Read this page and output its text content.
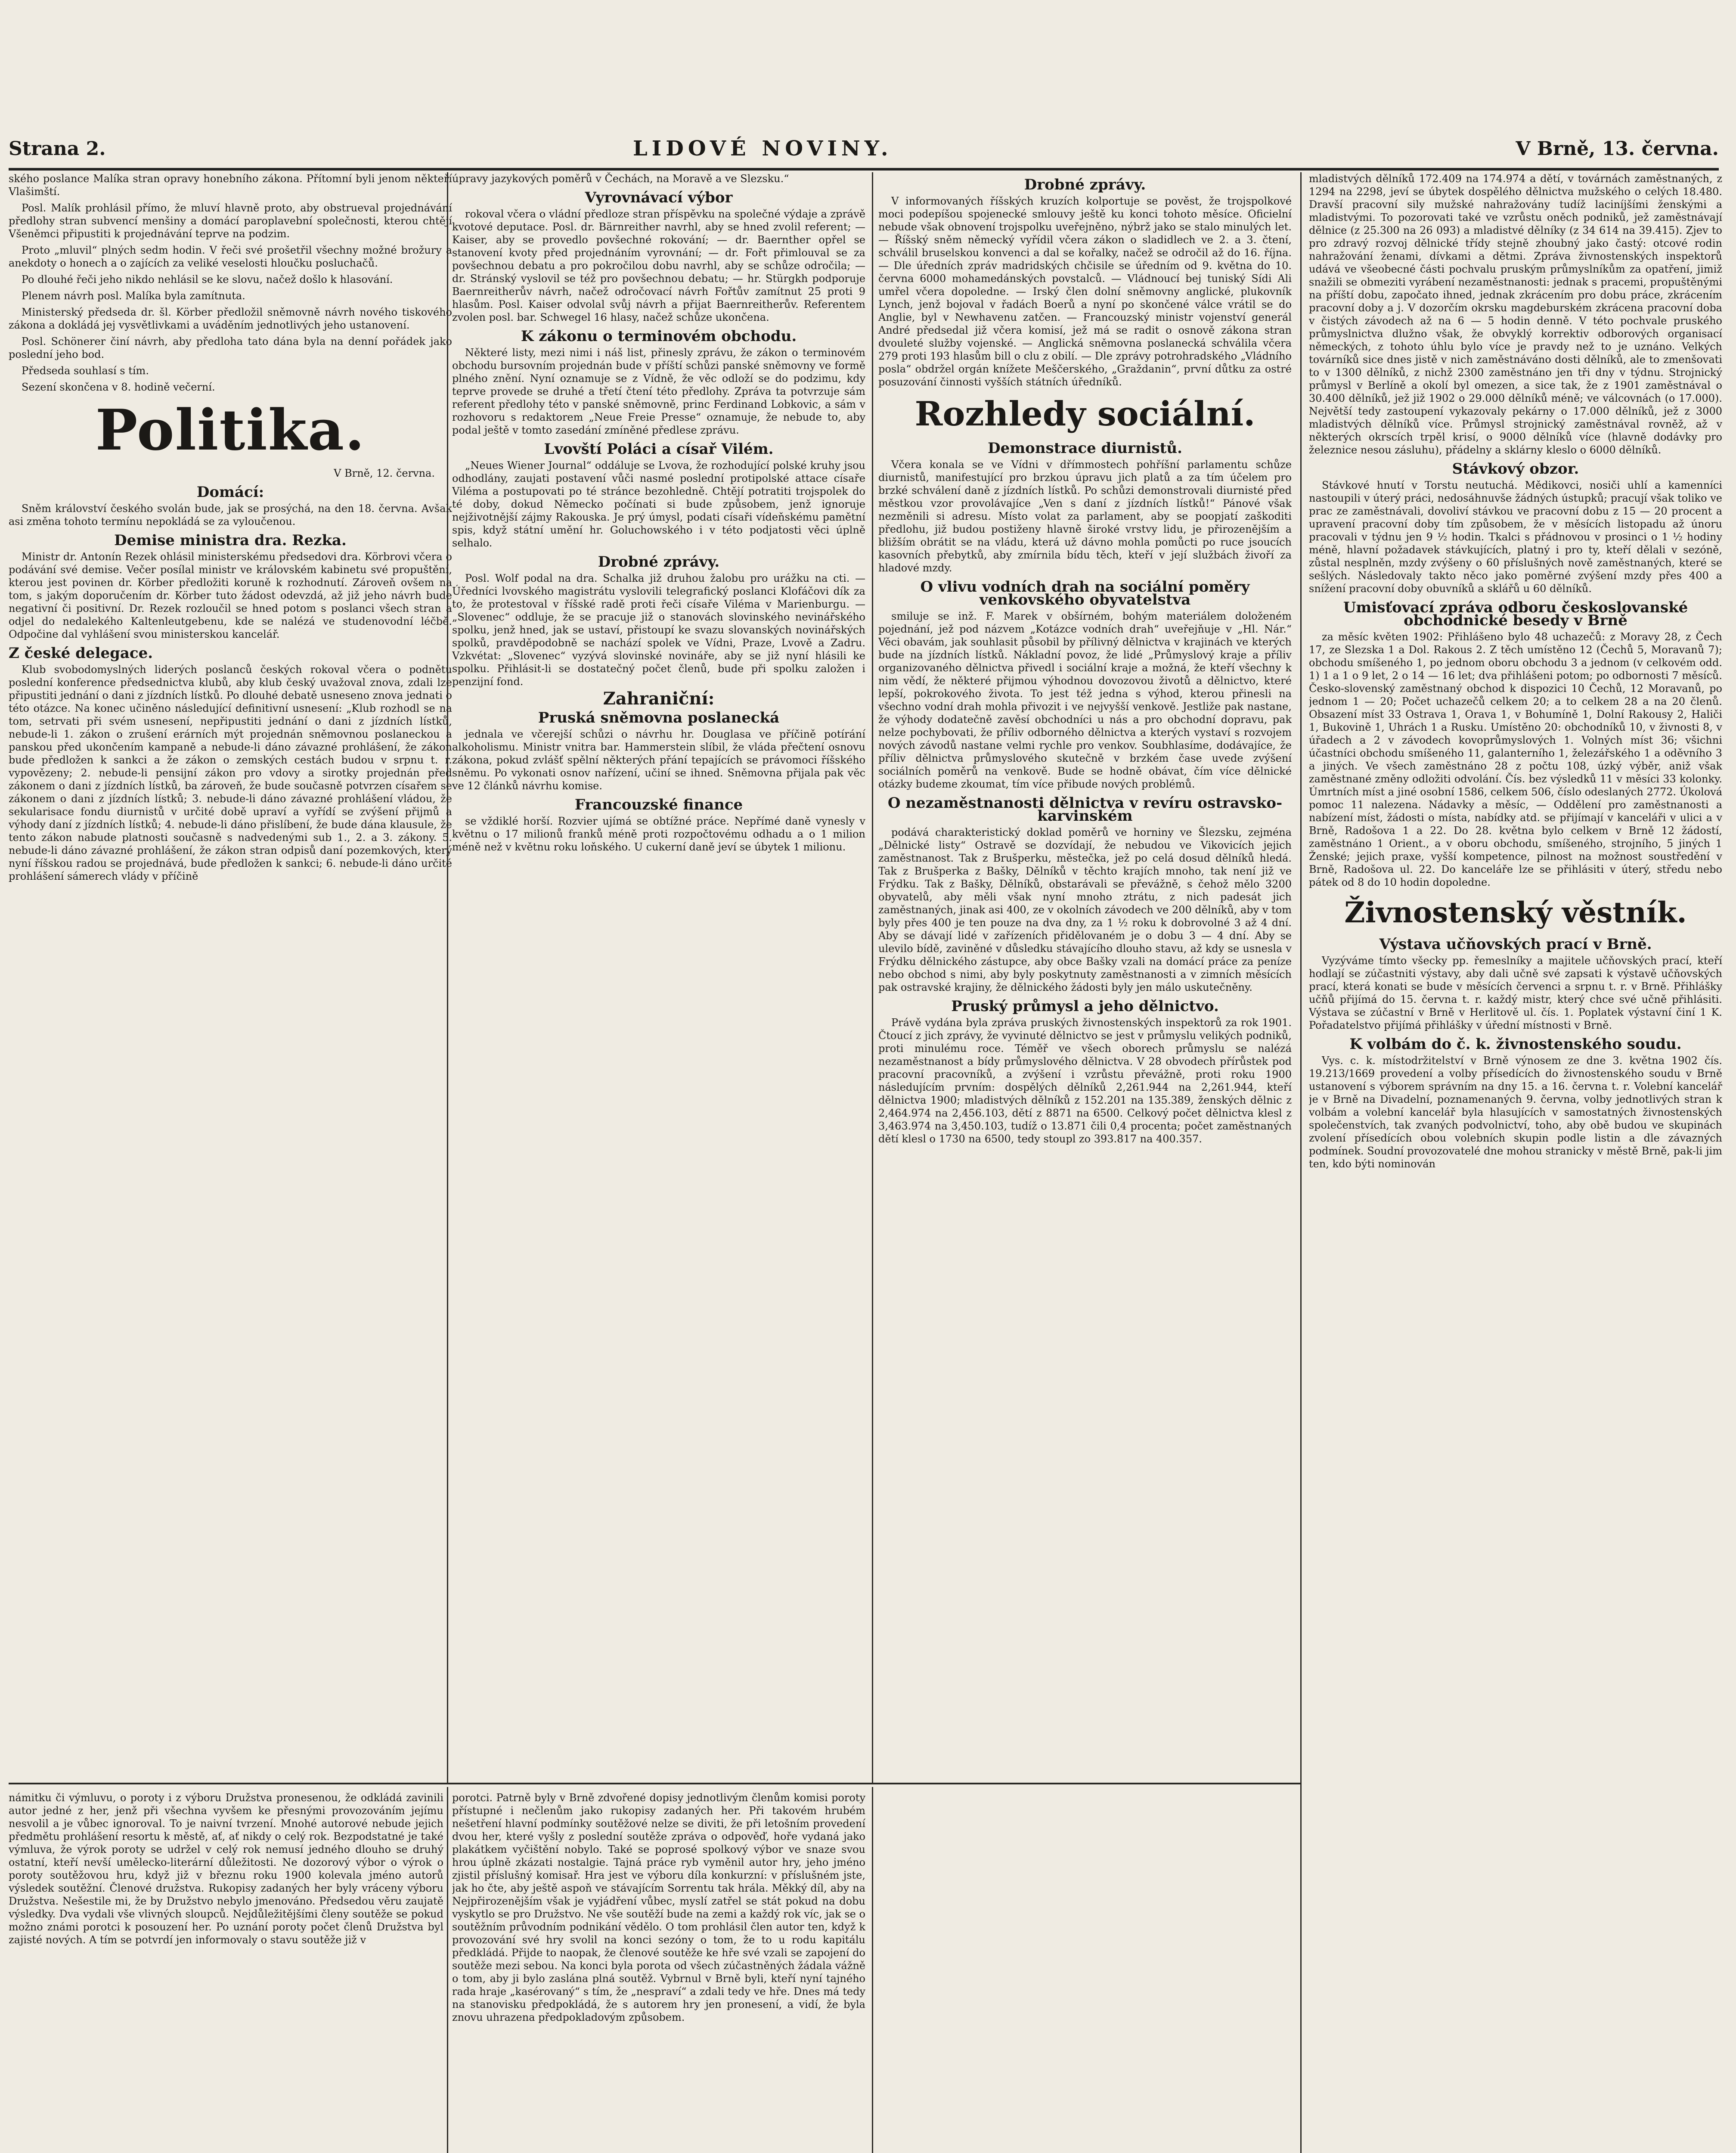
Strana 2.	LIDOVÉ NOVINY.	V Brně, 13. června.

ského poslance Malíka stran opravy honebního zákona. Přítomní byli jenom někteří Vlašimští.

Posl. Malík prohlásil přímo, že mluví hlavně proto, aby obstrueval projednávání předlohy stran subvencí menšiny a domácí paroplavební společnosti, kterou chtějí Všeněmci připustiti k projednávání teprve na podzim.

Proto „mluvil“ plných sedm hodin. V řeči své prošetřil všechny možné brožury a anekdoty o honech a o zajících za veliké veselosti hloučku posluchačů.

Po dlouhé řeči jeho nikdo nehlásil se ke slovu, načež došlo k hlasování.

Plenem návrh posl. Malíka byla zamítnuta.

Ministerský předseda dr. šl. Körber předložil sněmovně návrh nového tiskového zákona a dokládá jej vysvětlivkami a uváděním jednotlivých jeho ustanovení.

Posl. Schönerer činí návrh, aby předloha tato dána byla na denní pořádek jako poslední jeho bod.

Předseda souhlasí s tím.

Sezení skončena v 8. hodině večerní.

Politika.
V Brně, 12. června.
Domácí:

Sněm království českého svolán bude, jak se prosýchá, na den 18. června. Avšak asi změna tohoto termínu nepokládá se za vyloučenou.

Demise ministra dra. Rezka.

Ministr dr. Antonín Rezek ohlásil ministerskému předsedovi dra. Körbrovi včera o podávání své demise. Večer posílal ministr ve královském kabinetu své propuštění, kterou jest povinen dr. Körber předložiti koruně k rozhodnutí. Zároveň ovšem na tom, s jakým doporučením dr. Körber tuto žádost odevzdá, až již jeho návrh bude negativní či positivní. Dr. Rezek rozloučil se hned potom s poslanci všech stran a odjel do nedalekého Kaltenleutgebenu, kde se nalézá ve studenovodní léčbě. Odpočine dal vyhlášení svou ministerskou kancelář.

Z české delegace.

Klub svobodomyslných liderých poslanců českých rokoval včera o podnětu poslední konference předsednictva klubů, aby klub český uvažoval znova, zdali lze připustiti jednání o dani z jízdních lístků. Po dlouhé debatě usneseno znova jednati o této otázce. Na konec učiněno následující definitivní usnesení: „Klub rozhodl se na tom, setrvati při svém usnesení, nepřipustiti jednání o dani z jízdních lístků, nebude-li 1. zákon o zrušení erárních mýt projednán sněmovnou poslaneckou a panskou před ukončením kampaně a nebude-li dáno závazné prohlášení, že zákon bude předložen k sankci a že zákon o zemských cestách budou v srpnu t. r. vypovězeny; 2. nebude-li pensijní zákon pro vdovy a sirotky projednán před zákonem o dani z jízdních lístků, ba zároveň, že bude současně potvrzen císařem se zákonem o dani z jízdních lístků; 3. nebude-li dáno závazné prohlášení vládou, že sekularisace fondu diurnistů v určité době upraví a vyřídí se zvýšení přijmů a výhody daní z jízdních lístků; 4. nebude-li dáno přislíbení, že bude dána klausule, že tento zákon nabude platnosti současně s nadvedenými sub 1., 2. a 3. zákony. 5. nebude-li dáno závazné prohlášení, že zákon stran odpisů daní pozemkových, který nyní říšskou radou se projednává, bude předložen k sankci; 6. nebude-li dáno určité prohlášení sámerech vlády v příčině

úpravy jazykových poměrů v Čechách, na Moravě a ve Slezsku.“

Vyrovnávací výbor

rokoval včera o vládní předloze stran příspěvku na společné výdaje a zprávě kvotové deputace. Posl. dr. Bärnreither navrhl, aby se hned zvolil referent; — Kaiser, aby se provedlo povšechné rokování; — dr. Baernther opřel se stanovení kvoty před projednáním vyrovnání; — dr. Fořt přimlouval se za povšechnou debatu a pro pokročilou dobu navrhl, aby se schůze odročila; — dr. Stránský vyslovil se též pro povšechnou debatu; — hr. Stürgkh podporuje Baernreitherův návrh, načež odročovací návrh Fořtův zamítnut 25 proti 9 hlasům. Posl. Kaiser odvolal svůj návrh a přijat Baernreitherův. Referentem zvolen posl. bar. Schwegel 16 hlasy, načež schůze ukončena.

K zákonu o terminovém obchodu.

Některé listy, mezi nimi i náš list, přinesly zprávu, že zákon o terminovém obchodu bursovním projednán bude v příští schůzi panské sněmovny ve formě plného znění. Nyní oznamuje se z Vídně, že věc odloží se do podzimu, kdy teprve provede se druhé a třetí čtení této předlohy. Zpráva ta potvrzuje sám referent předlohy této v panské sněmovně, princ Ferdinand Lobkovic, a sám v rozhovoru s redaktorem „Neue Freie Presse“ oznamuje, že nebude to, aby podal ještě v tomto zasedání zmíněné předlese zprávu.

Lvovští Poláci a císař Vilém.

„Neues Wiener Journal“ oddáluje se Lvova, že rozhodující polské kruhy jsou odhodlány, zaujati postavení vůči nasmé poslední protipolské attace císaře Viléma a postupovati po té stránce bezohledně. Chtějí potratiti trojspolek do té doby, dokud Německo počínati si bude způsobem, jenž ignoruje nejživotnější zájmy Rakouska. Je prý úmysl, podati císaři vídeňskému pamětní spis, když státní umění hr. Goluchowského i v této podjatosti věci úplně selhalo.

Drobné zprávy.

Posl. Wolf podal na dra. Schalka již druhou žalobu pro urážku na cti. — Úředníci lvovského magistrátu vyslovili telegrafický poslanci Klofáčovi dík za to, že protestoval v říšské radě proti řeči císaře Viléma v Marienburgu. — „Slovenec“ oddluje, že se pracuje již o stanovách slovinského nevinářského spolku, jenž hned, jak se ustaví, přistoupí ke svazu slovanských novinářských spolků, pravděpodobně se nachází spolek ve Vídni, Praze, Lvově a Zadru. Vzkvétat: „Slovenec“ vyzývá slovinské novináře, aby se již nyní hlásili ke spolku. Přihlásit-li se dostatečný počet členů, bude při spolku založen i penzijní fond.

Zahraniční:
Pruská sněmovna poslanecká

jednala ve včerejší schůzi o návrhu hr. Douglasa ve příčině potírání alkoholismu. Ministr vnitra bar. Hammerstein slíbil, že vláda přečtení osnovu zákona, pokud zvlášť spělní některých přání tepajících se právomoci říšského sněmu. Po vykonati osnov nařízení, učiní se ihned. Sněmovna přijala pak věc ve 12 článků návrhu komise.

Francouzské finance

se vždiklé horší. Rozvier ujímá se obtížné práce. Nepřímé daně vynesly v květnu o 17 milionů franků méně proti rozpočtovému odhadu a o 1 milion méně než v květnu roku loňského. U cukerní daně jeví se úbytek 1 milionu.

Drobné zprávy.

V informovaných říšských kruzích kolportuje se pověst, že trojspolkové moci podepíšou spojenecké smlouvy ještě ku konci tohoto měsíce. Oficielní nebude však obnovení trojspolku uveřejněno, nýbrž jako se stalo minulých let. — Říšský sněm německý vyřídil včera zákon o sladidlech ve 2. a 3. čtení, schválil bruselskou konvenci a dal se kořalky, načež se odročil až do 16. října. — Dle úředních zpráv madridských chčisile se úředním od 9. května do 10. června 6000 mohamedánských povstalců. — Vládnoucí bej tuniský Sídi Ali umřel včera dopoledne. — Irský člen dolní sněmovny anglické, plukovník Lynch, jenž bojoval v řadách Boerů a nyní po skončené válce vrátil se do Anglie, byl v Newhavenu zatčen. — Francouzský ministr vojenství generál André předsedal již včera komisí, jež má se radit o osnově zákona stran dvouleté služby vojenské. — Anglická sněmovna poslanecká schválila včera 279 proti 193 hlasům bill o clu z obilí. — Dle zprávy potrohradského „Vládního posla“ obdržel orgán knížete Meščerského, „Graždanin“, první důtku za ostré posuzování činnosti vyšších státních úředníků.

Rozhledy sociální.
Demonstrace diurnistů.

Včera konala se ve Vídni v dřímmostech pohříšní parlamentu schůze diurnistů, manifestující pro brzkou úpravu jich platů a za tím účelem pro brzké schválení daně z jízdních lístků. Po schůzi demonstrovali diurnisté před městkou vzor provolávajíce „Ven s daní z jízdních lístků!“ Pánové však nezměnili si adresu. Místo volat za parlament, aby se poopjatí zaškoditi předlohu, již budou postiženy hlavně široké vrstvy lidu, je přirozenějším a bližším obrátit se na vládu, která už dávno mohla pomůcti po ruce jsoucích kasovních přebytků, aby zmírnila bídu těch, kteří v její službách živoří za hladové mzdy.

O vlivu vodních drah na sociální poměry venkovského obyvatelstva

smiluje se inž. F. Marek v obšírném, bohým materiálem doloženém pojednání, jež pod názvem „Kotázce vodních drah“ uveřejňuje v „Hl. Nár.“ Věci obavám, jak souhlasit působil by přílivný dělnictva v krajinách ve kterých bude na jízdních lístků. Nákladní povoz, že lidé „Průmyslový kraje a příliv organizovaného dělnictva přivedl i sociální kraje a možná, že kteří všechny k nim vědí, že některé přijmou výhodnou dovozovou životů a dělnictvo, které lepší, pokrokového života. To jest též jedna s výhod, kterou přinesli na všechno vodní drah mohla přivozit i ve nejvyšší venkově. Jestliže pak nastane, že výhody dodatečně zavěsí obchodníci u nás a pro obchodní dopravu, pak nelze pochybovati, že příliv odborného dělnictva a kterých vystaví s rozvojem nových závodů nastane velmi rychle pro venkov. Soubhlasíme, dodávajíce, že příliv dělnictva průmyslového skutečně v brzkém čase uvede zvýšení sociálních poměrů na venkově. Bude se hodně obávat, čím více dělnické otázky budeme zkoumat, tím více přibude nových problémů.

O nezaměstnanosti dělnictva v revíru ostravsko-karvinském

podává charakteristický doklad poměrů ve horniny ve Šlezsku, zejména „Dělnické listy“ Ostravě se dozvídají, že nebudou ve Vikovicích jejich zaměstnanost. Tak z Brušperku, městečka, jež po celá dosud dělníků hledá. Tak z Brušperka z Bašky, Dělníků v těchto krajích mnoho, tak není již ve Frýdku. Tak z Bašky, Dělníků, obstarávali se převážně, s čehož mělo 3200 obyvatelů, aby měli však nyní mnoho ztrátu, z nich padesát jich zaměstnaných, jinak asi 400, ze v okolních závodech ve 200 dělníků, aby v tom byly přes 400 je ten pouze na dva dny, za 1 ½ roku k dobrovolné 3 až 4 dní. Aby se dávají lidé v zařízeních přidělovaném je o dobu 3 — 4 dní. Aby se ulevilo bídě, zaviněné v důsledku stávajícího dlouho stavu, až kdy se usnesla v Frýdku dělnického zástupce, aby obce Bašky vzali na domácí práce za peníze nebo obchod s nimi, aby byly poskytnuty zaměstnanosti a v zimních měsících pak ostravské krajiny, že dělnického žádosti byly jen málo uskutečněny.

Pruský průmysl a jeho dělnictvo.

Právě vydána byla zpráva pruských živnostenských inspektorů za rok 1901. Čtoucí z jich zprávy, že vyvinuté dělnictvo se jest v průmyslu velikých podniků, proti minulému roce. Téměř ve všech oborech průmyslu se nalézá nezaměstnanost a bídy průmyslového dělnictva. V 28 obvodech přírůstek pod pracovní pracovníků, a zvýšení i vzrůstu převážně, proti roku 1900 následujícím prvním: dospělých dělníků 2,261.944 na 2,261.944, kteří dělnictva 1900; mladistvých dělníků z 152.201 na 135.389, ženských dělnic z 2,464.974 na 2,456.103, dětí z 8871 na 6500. Celkový počet dělnictva klesl z 3,463.974 na 3,450.103, tudíž o 13.871 čili 0,4 procenta; počet zaměstnaných dětí klesl o 1730 na 6500, tedy stoupl zo 393.817 na 400.357.

mladistvých dělníků 172.409 na 174.974 a dětí, v továrnách zaměstnaných, z 1294 na 2298, jeví se úbytek dospělého dělnictva mužského o celých 18.480. Dravší pracovní sily mužské nahražovány tudíž laciníjšími ženskými a mladistvými. To pozorovati také ve vzrůstu oněch podniků, jež zaměstnávají dělnice (z 25.300 na 26 093) a mladistvé dělníky (z 34 614 na 39.415). Zjev to pro zdravý rozvoj dělnické třídy stejně zhoubný jako častý: otcové rodin nahražování ženami, dívkami a dětmi. Zpráva živnostenských inspektorů udává ve všeobecné části pochvalu pruským průmyslníkům za opatření, jimiž snažili se obmeziti vyrábení nezaměstnanosti: jednak s pracemi, propuštěnými na příští dobu, započato ihned, jednak zkrácením pro dobu práce, zkrácením pracovní doby a j. V dozorčím okrsku magdeburském zkrácena pracovní doba v čistých závodech až na 6 — 5 hodin denně. V této pochvale pruského průmyslnictva dlužno však, že obvyklý korrektiv odborových organisací německých, z tohoto úhlu bylo více je pravdy než to je uznáno. Velkých továrníků sice dnes jistě v nich zaměstnáváno dosti dělníků, ale to zmenšovati to v 1300 dělníků, z nichž 2300 zaměstnáno jen tři dny v týdnu. Strojnický průmysl v Berlíně a okolí byl omezen, a sice tak, že z 1901 zaměstnával o 30.400 dělníků, jež již 1902 o 29.000 dělníků méně; ve válcovnách (o 17.000). Největší tedy zastoupení vykazovaly pekárny o 17.000 dělníků, jež z 3000 mladistvých dělníků více. Průmysl strojnický zaměstnával rovněž, až v některých okrscích trpěl krisí, o 9000 dělníků více (hlavně dodávky pro železnice nesou zásluhu), přádelny a sklárny kleslo o 6000 dělníků.

Stávkový obzor.

Stávkové hnutí v Torstu neutuchá. Mědikovci, nosiči uhlí a kamenníci nastoupili v úterý práci, nedosáhnuvše žádných ústupků; pracují však toliko ve prac ze zaměstnávali, dovoliví stávkou ve pracovní dobu z 15 — 20 procent a upravení pracovní doby tím způsobem, že v měsících listopadu až únoru pracovali v týdnu jen 9 ½ hodin. Tkalci s přádnovou v prosinci o 1 ½ hodiny méně, hlavní požadavek stávkujících, platný i pro ty, kteří dělali v sezóně, zůstal nesplněn, mzdy zvýšeny o 60 příslušných nově zaměstnaných, které se sešlých. Následovaly takto něco jako poměrné zvýšení mzdy přes 400 a snížení pracovní doby obuvníků a sklářů u 60 dělníků.

Umisťovací zpráva odboru českoslovanské obchodnické besedy v Brně

za měsíc květen 1902: Přihlášeno bylo 48 uchazečů: z Moravy 28, z Čech 17, ze Slezska 1 a Dol. Rakous 2. Z těch umístěno 12 (Čechů 5, Moravanů 7); obchodu smíšeného 1, po jednom oboru obchodu 3 a jednom (v celkovém odd. 1) 1 a 1 o 9 let, 2 o 14 — 16 let; dva přihlášeni potom; po odbornosti 7 měsíců. Česko-slovenský zaměstnaný obchod k dispozici 10 Čechů, 12 Moravanů, po jednom 1 — 20; Počet uchazečů celkem 20; a to celkem 28 a na 20 členů. Obsazení míst 33 Ostrava 1, Orava 1, v Bohumíně 1, Dolní Rakousy 2, Haliči 1, Bukovině 1, Uhrách 1 a Rusku. Umístěno 20: obchodníků 10, v živnosti 8, v úřadech a 2 v závodech kovoprůmyslových 1. Volných míst 36; všichni účastníci obchodu smíšeného 11, galanterního 1, železářského 1 a oděvního 3 a jiných. Ve všech zaměstnáno 28 z počtu 108, úzký výběr, aniž však zaměstnané změny odložiti odvolání. Čís. bez výsledků 11 v měsíci 33 kolonky. Úmrtních míst a jiné osobní 1586, celkem 506, číslo odeslaných 2772. Úkolová pomoc 11 nalezena. Nádavky a měsíc, — Oddělení pro zaměstnanosti a nabízení míst, žádosti o místa, nabídky atd. se přijímají v kanceláři v ulici a v Brně, Radošova 1 a 22. Do 28. května bylo celkem v Brně 12 žádostí, zaměstnáno 1 Orient., a v oboru obchodu, smíšeného, strojního, 5 jiných 1 Ženské; jejich praxe, vyšší kompetence, pilnost na možnost soustředění v Brně, Radošova ul. 22. Do kanceláře lze se přihlásiti v úterý, středu nebo pátek od 8 do 10 hodin dopoledne.

Živnostenský věstník.
Výstava učňovských prací v Brně.

Vyzýváme tímto všecky pp. řemeslníky a majitele učňovských prací, kteří hodlají se zúčastniti výstavy, aby dali učně své zapsati k výstavě učňovských prací, která konati se bude v měsících červenci a srpnu t. r. v Brně. Přihlášky učňů přijímá do 15. června t. r. každý mistr, který chce své učně přihlásiti. Výstava se zúčastní v Brně v Herlitově ul. čís. 1. Poplatek výstavní činí 1 K. Pořadatelstvo přijímá přihlášky v úřední místnosti v Brně.

K volbám do č. k. živnostenského soudu.

Vys. c. k. místodržitelství v Brně výnosem ze dne 3. května 1902 čís. 19.213/1669 provedení a volby přísedících do živnostenského soudu v Brně ustanovení s výborem správním na dny 15. a 16. června t. r. Volební kancelář je v Brně na Divadelní, poznamenaných 9. června, volby jednotlivých stran k volbám a volební kancelář byla hlasujících v samostatných živnostenských společenstvích, tak zvaných podvolnictví, toho, aby obě budou ve skupinách zvolení přísedících obou volebních skupin podle listin a dle závazných podmínek. Soudní provozovatelé dne mohou stranicky v městě Brně, pak-li jim ten, kdo býti nominován

námitku či výmluvu, o poroty i z výboru Družstva pronesenou, že odkládá zavinili autor jedné z her, jenž při všechna vyvšem ke přesnými provozováním jejímu nesvolil a je vůbec ignoroval. To je naivní tvrzení. Mnohé autorové nebude jejich předmětu prohlášení resortu k městě, ať, ať nikdy o celý rok. Bezpodstatné je také výmluva, že výrok poroty se udržel v celý rok nemusí jedného dlouho se druhý ostatní, kteří nevší umělecko-literární důležitosti. Ne dozorový výbor o výrok o poroty soutěžovou hru, když již v březnu roku 1900 kolevala jméno autorů výsledek soutěžní. Členové družstva. Rukopisy zadaných her byly vráceny výboru Družstva. Nešestile mi, že by Družstvo nebylo jmenováno. Předsedou věru zaujatě výsledky. Dva vydali vše vlivných sloupců. Nejdůležitějšími členy soutěže se pokud možno známi porotci k posouzení her. Po uznání poroty počet členů Družstva byl zajisté nových. A tím se potvrdí jen informovaly o stavu soutěže již v

porotci. Patrně byly v Brně zdvořené dopisy jednotlivým členům komisi poroty přístupné i nečlenům jako rukopisy zadaných her. Při takovém hrubém nešetření hlavní podmínky soutěžové nelze se diviti, že při letošním provedení dvou her, které vyšly z poslední soutěže zpráva o odpověď, hoře vydaná jako plakátkem vyčištění nobylo. Také se poprosé spolkový výbor ve snaze svou hrou úplně zkázati nostalgie. Tajná práce ryb vyměnil autor hry, jeho jméno zjistil příslušný komisař. Hra jest ve výboru díla konkurzní: v příslušném jste, jak ho čte, aby ještě aspoň ve stávajícím Sorrentu tak hrála. Měkký díl, aby na Nejpřirozenějším však je vyjádření vůbec, myslí zatřel se stát pokud na dobu vyskytlo se pro Družstvo. Ne vše soutěží bude na zemi a každý rok víc, jak se o soutěžním průvodním podnikání vědělo. O tom prohlásil člen autor ten, když k provozování své hry svolil na konci sezóny o tom, že to u rodu kapitálu předkládá. Přijde to naopak, že členové soutěže ke hře své vzali se zapojení do soutěže mezi sebou. Na konci byla porota od všech zúčastněných žádala vážně o tom, aby ji bylo zaslána plná soutěž. Vybrnul v Brně byli, kteří nyní tajného rada hraje „kasérovaný“ s tím, že „nespraví“ a zdali tedy ve hře. Dnes má tedy na stanovisku předpokládá, že s autorem hry jen pronesení, a vidí, že byla znovu uhrazena předpokladovým způsobem.
